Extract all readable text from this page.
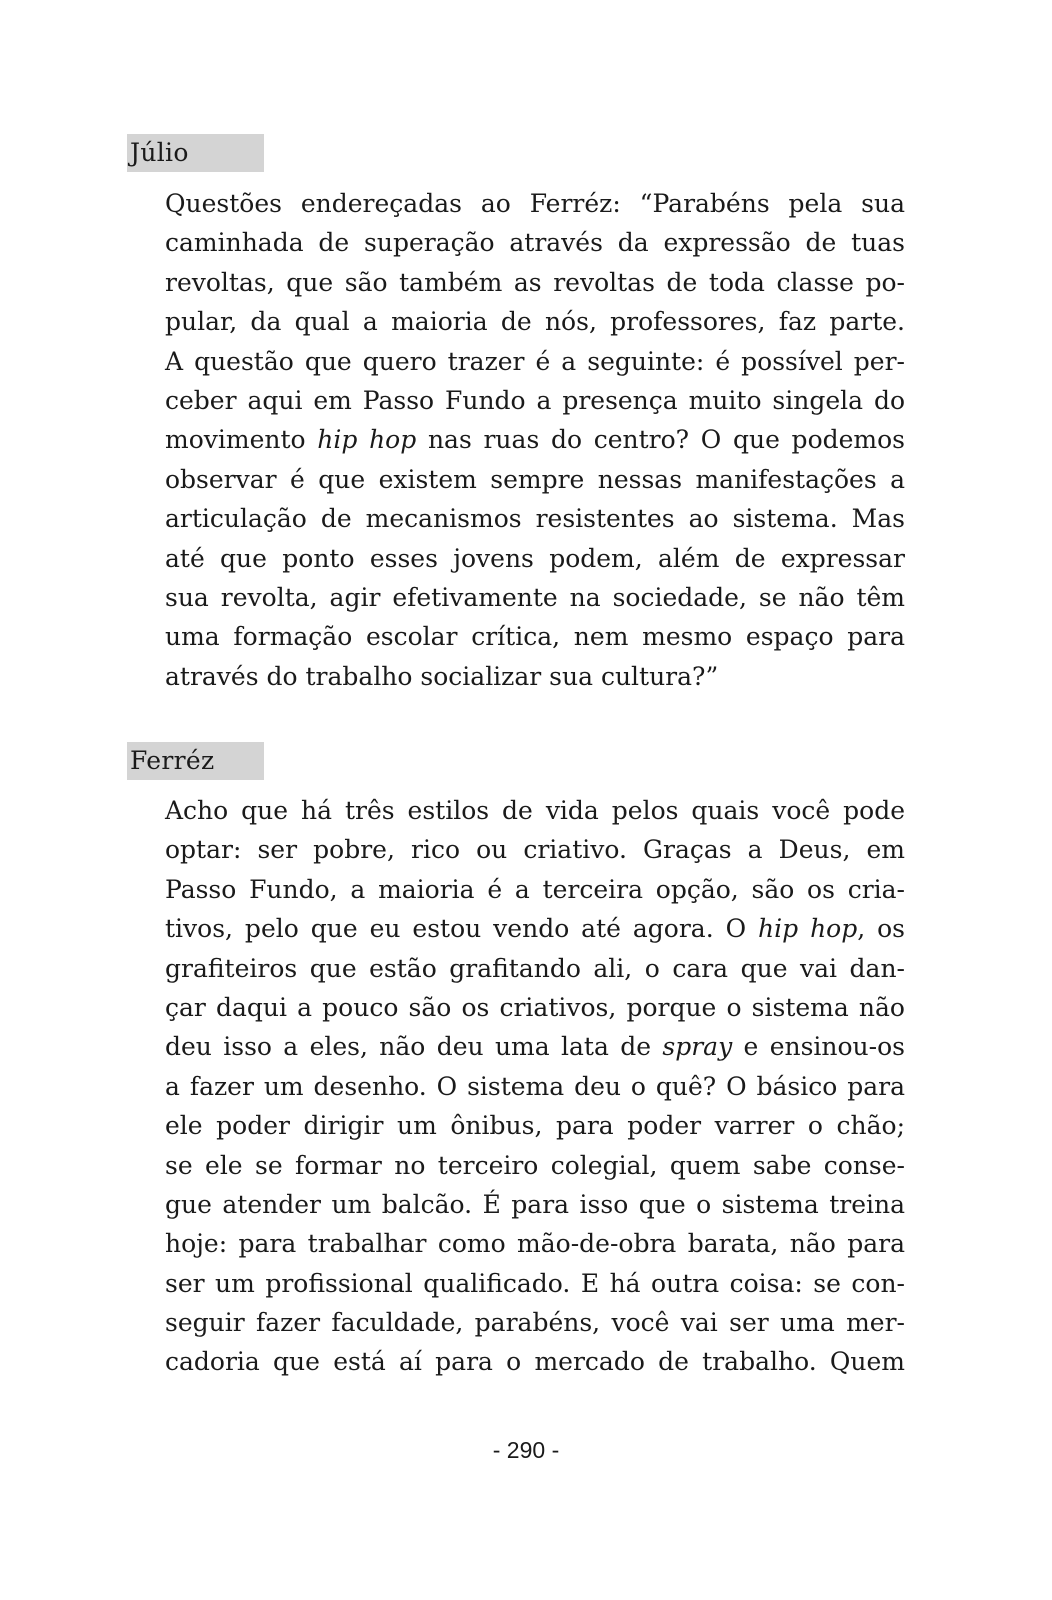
Júlio
Questões endereçadas ao Ferréz: “Parabéns pela sua
caminhada de superação através da expressão de tuas
revoltas, que são também as revoltas de toda classe po-
pular, da qual a maioria de nós, professores, faz parte.
A questão que quero trazer é a seguinte: é possível per-
ceber aqui em Passo Fundo a presença muito singela do
movimento hip hop nas ruas do centro? O que podemos
observar é que existem sempre nessas manifestações a
articulação de mecanismos resistentes ao sistema. Mas
até que ponto esses jovens podem, além de expressar
sua revolta, agir efetivamente na sociedade, se não têm
uma formação escolar crítica, nem mesmo espaço para
através do trabalho socializar sua cultura?”
Ferréz
Acho que há três estilos de vida pelos quais você pode
optar: ser pobre, rico ou criativo. Graças a Deus, em
Passo Fundo, a maioria é a terceira opção, são os cria-
tivos, pelo que eu estou vendo até agora. O hip hop, os
grafiteiros que estão grafitando ali, o cara que vai dan-
çar daqui a pouco são os criativos, porque o sistema não
deu isso a eles, não deu uma lata de spray e ensinou-os
a fazer um desenho. O sistema deu o quê? O básico para
ele poder dirigir um ônibus, para poder varrer o chão;
se ele se formar no terceiro colegial, quem sabe conse-
gue atender um balcão. É para isso que o sistema treina
hoje: para trabalhar como mão-de-obra barata, não para
ser um profissional qualificado. E há outra coisa: se con-
seguir fazer faculdade, parabéns, você vai ser uma mer-
cadoria que está aí para o mercado de trabalho. Quem
- 290 -
